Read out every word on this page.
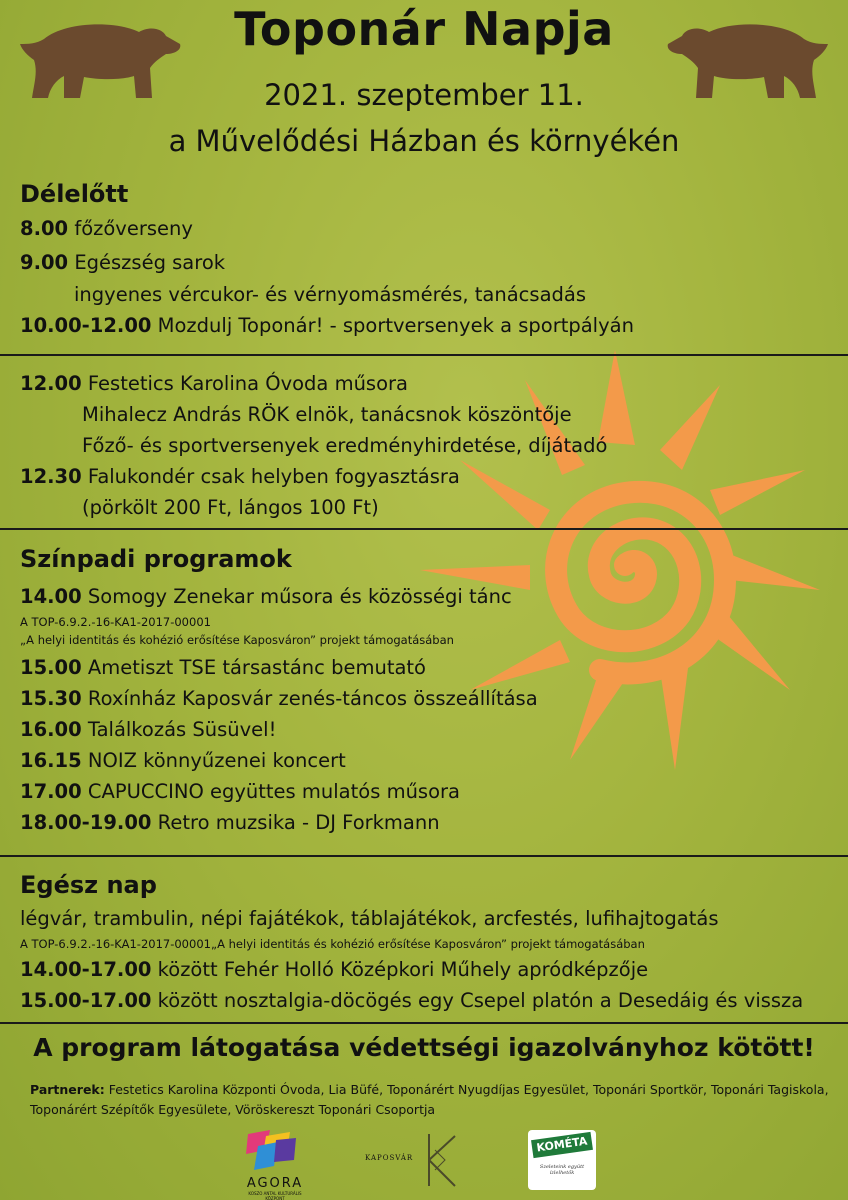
Toponár Napja
2021. szeptember 11.
a Művelődési Házban és környékén
Délelőtt
8.00 főzőverseny
9.00 Egészség sarok
ingyenes vércukor- és vérnyomásmérés, tanácsadás
10.00-12.00 Mozdulj Toponár! - sportversenyek a sportpályán
12.00 Festetics Karolina Óvoda műsora
Mihalecz András RÖK elnök, tanácsnok köszöntője
Főző- és sportversenyek eredményhirdetése, díjátadó
12.30 Falukondér csak helyben fogyasztásra
(pörkölt 200 Ft, lángos 100 Ft)
Színpadi programok
14.00 Somogy Zenekar műsora és közösségi tánc
A TOP-6.9.2.-16-KA1-2017-00001
„A helyi identitás és kohézió erősítése Kaposváron” projekt támogatásában
15.00 Ametiszt TSE társastánc bemutató
15.30 Roxínház Kaposvár zenés-táncos összeállítása
16.00 Találkozás Süsüvel!
16.15 NOIZ könnyűzenei koncert
17.00 CAPUCCINO együttes mulatós műsora
18.00-19.00 Retro muzsika - DJ Forkmann
Egész nap
légvár, trambulin, népi fajátékok, táblajátékok, arcfestés, lufihajtogatás
A TOP-6.9.2.-16-KA1-2017-00001„A helyi identitás és kohézió erősítése Kaposváron” projekt támogatásában
14.00-17.00 között Fehér Holló Középkori Műhely apródképzője
15.00-17.00 között nosztalgia-döcögés egy Csepel platón a Desedáig és vissza
A program látogatása védettségi igazolványhoz kötött!
Partnerek: Festetics Karolina Központi Óvoda, Lia Büfé, Toponárért Nyugdíjas Egyesület, Toponári Sportkör, Toponári Tagiskola, Toponárért Szépítők Egyesülete, Vöröskereszt Toponári Csoportja
AGORA
KOSZO ANTAL KULTURÁLIS KÖZPONT
KAPOSVÁR
KOMÉTA
Szeleteink együtt ízlelhetők
